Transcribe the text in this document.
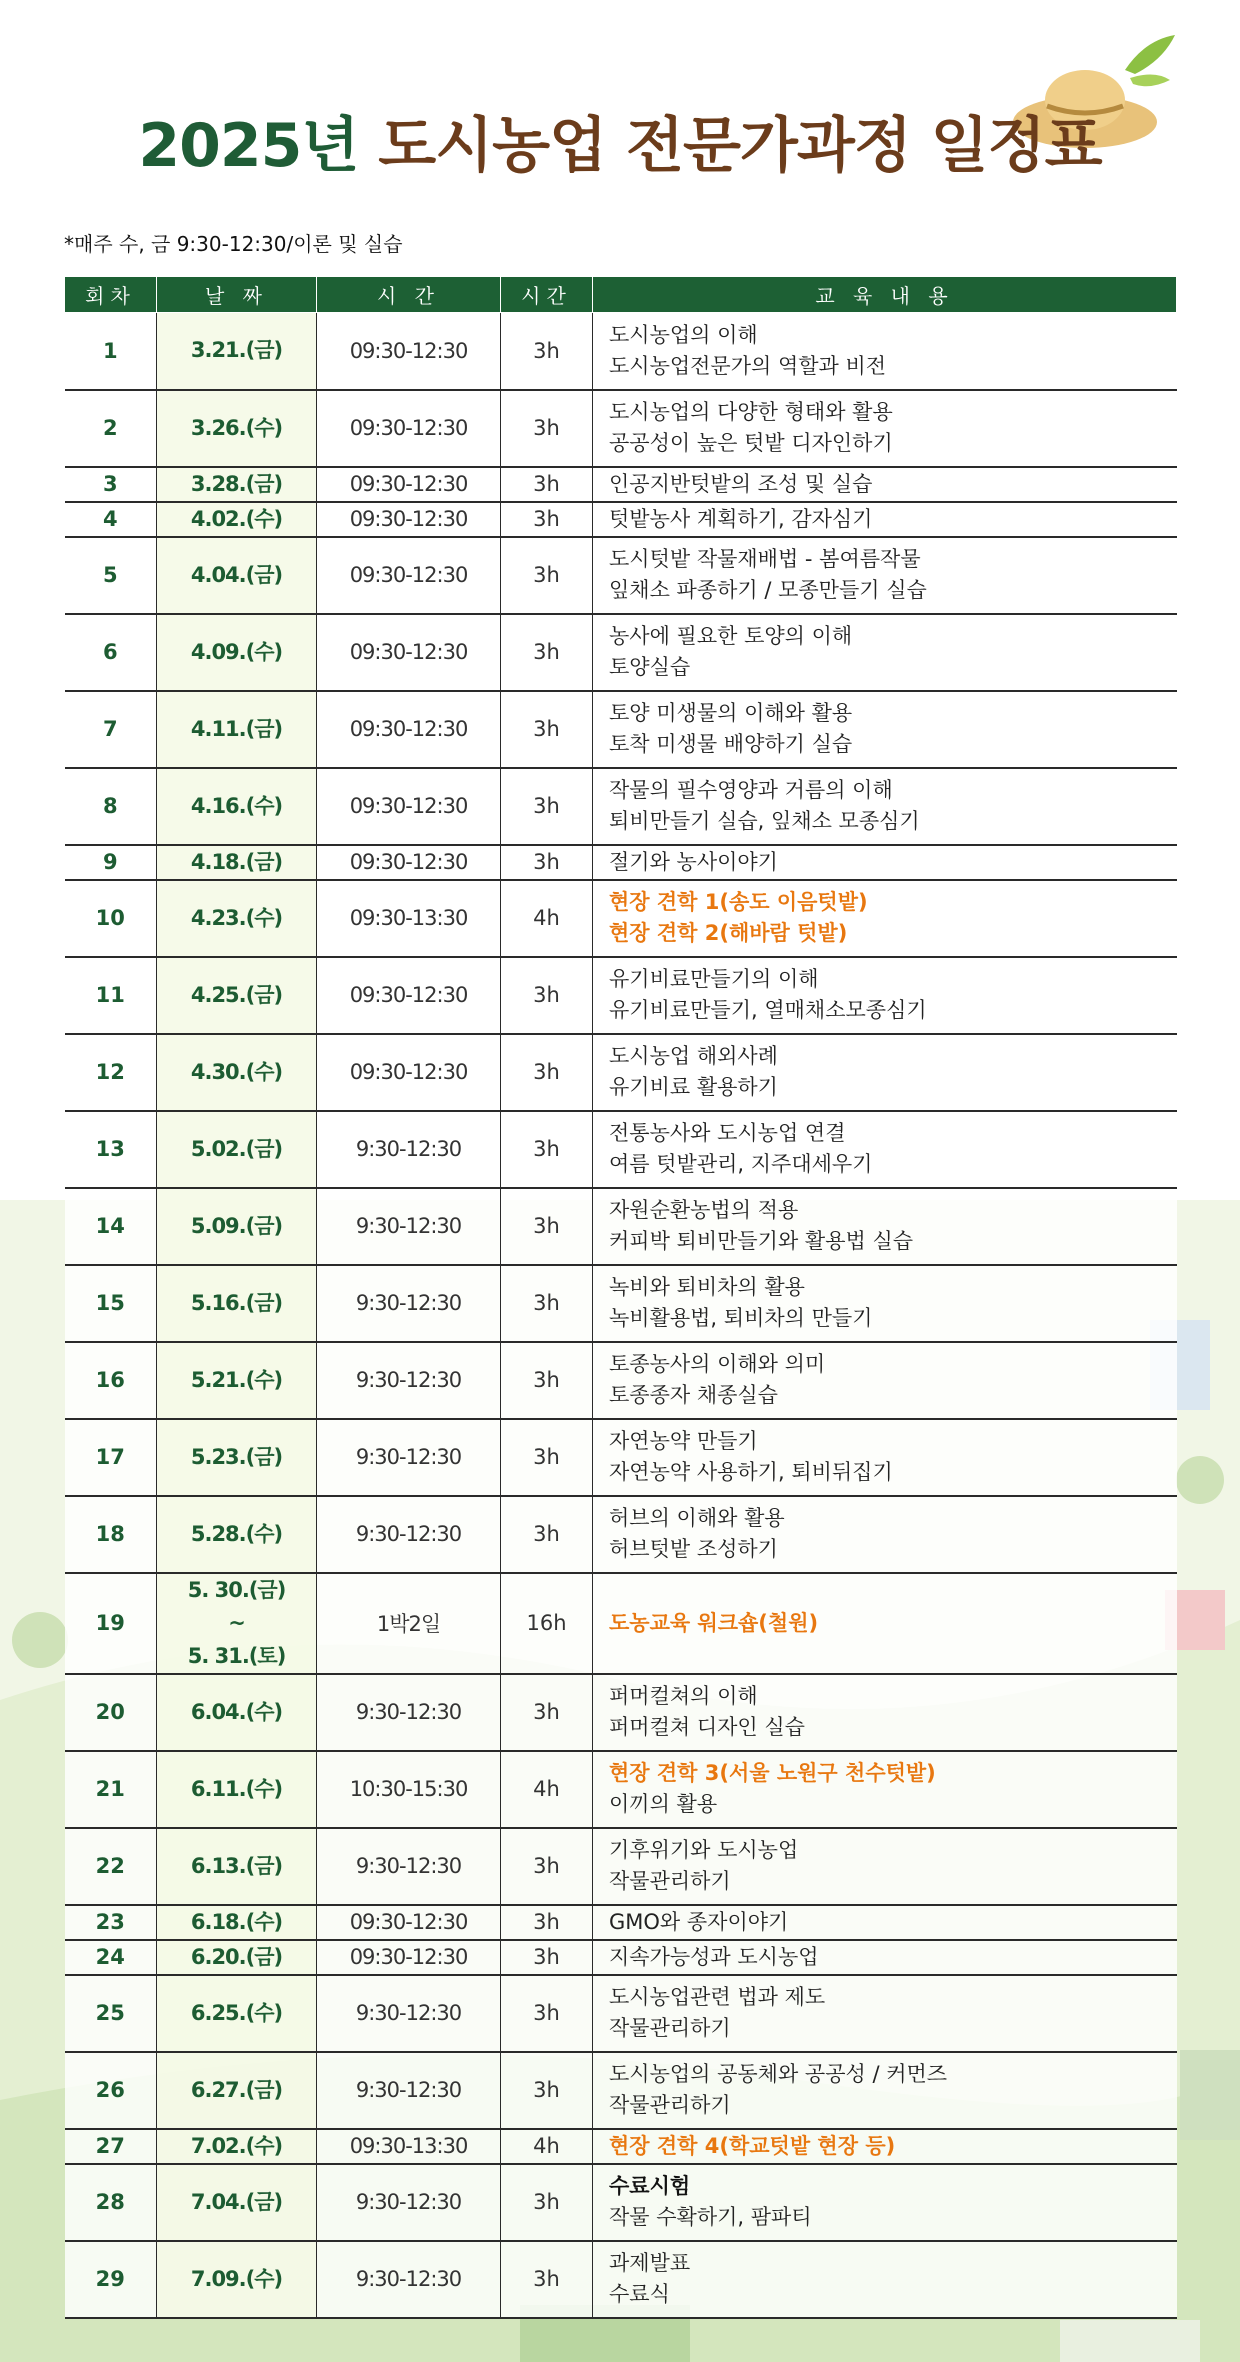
2025년 도시농업 전문가과정 일정표
*매주 수, 금 9:30-12:30/이론 및 실습
회차	날 짜	시 간	시간	교 육 내 용
1	3.21.(금)	09:30-12:30	3h	도시농업의 이해
도시농업전문가의 역할과 비전

2	3.26.(수)	09:30-12:30	3h	도시농업의 다양한 형태와 활용
공공성이 높은 텃밭 디자인하기

3	3.28.(금)	09:30-12:30	3h	인공지반텃밭의 조성 및 실습

4	4.02.(수)	09:30-12:30	3h	텃밭농사 계획하기, 감자심기

5	4.04.(금)	09:30-12:30	3h	도시텃밭 작물재배법 - 봄여름작물
잎채소 파종하기 / 모종만들기 실습

6	4.09.(수)	09:30-12:30	3h	농사에 필요한 토양의 이해
토양실습

7	4.11.(금)	09:30-12:30	3h	토양 미생물의 이해와 활용
토착 미생물 배양하기 실습

8	4.16.(수)	09:30-12:30	3h	작물의 필수영양과 거름의 이해
퇴비만들기 실습, 잎채소 모종심기

9	4.18.(금)	09:30-12:30	3h	절기와 농사이야기

10	4.23.(수)	09:30-13:30	4h	현장 견학 1(송도 이음텃밭)
현장 견학 2(해바람 텃밭)

11	4.25.(금)	09:30-12:30	3h	유기비료만들기의 이해
유기비료만들기, 열매채소모종심기

12	4.30.(수)	09:30-12:30	3h	도시농업 해외사례
유기비료 활용하기

13	5.02.(금)	9:30-12:30	3h	전통농사와 도시농업 연결
여름 텃밭관리, 지주대세우기

14	5.09.(금)	9:30-12:30	3h	자원순환농법의 적용
커피박 퇴비만들기와 활용법 실습

15	5.16.(금)	9:30-12:30	3h	녹비와 퇴비차의 활용
녹비활용법, 퇴비차의 만들기

16	5.21.(수)	9:30-12:30	3h	토종농사의 이해와 의미
토종종자 채종실습

17	5.23.(금)	9:30-12:30	3h	자연농약 만들기
자연농약 사용하기, 퇴비뒤집기

18	5.28.(수)	9:30-12:30	3h	허브의 이해와 활용
허브텃밭 조성하기

19	5. 30.(금)
~
5. 31.(토)	1박2일	16h	도농교육 워크숍(철원)

20	6.04.(수)	9:30-12:30	3h	퍼머컬쳐의 이해
퍼머컬쳐 디자인 실습

21	6.11.(수)	10:30-15:30	4h	현장 견학 3(서울 노원구 천수텃밭)
이끼의 활용

22	6.13.(금)	9:30-12:30	3h	기후위기와 도시농업
작물관리하기

23	6.18.(수)	09:30-12:30	3h	GMO와 종자이야기

24	6.20.(금)	09:30-12:30	3h	지속가능성과 도시농업

25	6.25.(수)	9:30-12:30	3h	도시농업관련 법과 제도
작물관리하기

26	6.27.(금)	9:30-12:30	3h	도시농업의 공동체와 공공성 / 커먼즈
작물관리하기

27	7.02.(수)	09:30-13:30	4h	현장 견학 4(학교텃밭 현장 등)

28	7.04.(금)	9:30-12:30	3h	수료시험
작물 수확하기, 팜파티

29	7.09.(수)	9:30-12:30	3h	과제발표
수료식
